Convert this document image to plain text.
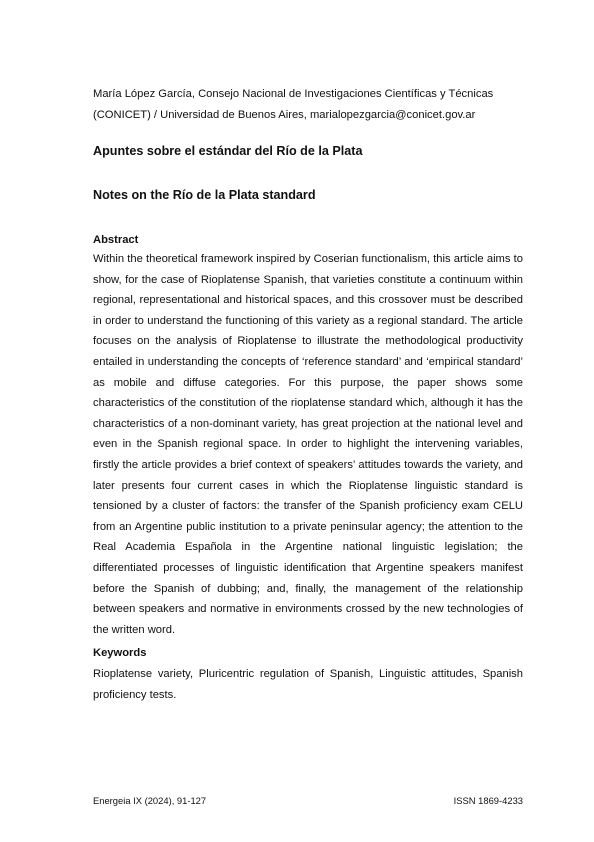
María López García, Consejo Nacional de Investigaciones Científicas y Técnicas (CONICET) / Universidad de Buenos Aires, marialopezgarcia@conicet.gov.ar
Apuntes sobre el estándar del Río de la Plata
Notes on the Río de la Plata standard
Abstract

Within the theoretical framework inspired by Coserian functionalism, this article aims to show, for the case of Rioplatense Spanish, that varieties constitute a continuum within regional, representational and historical spaces, and this crossover must be described in order to understand the functioning of this variety as a regional standard. The article focuses on the analysis of Rioplatense to illustrate the methodological productivity entailed in understanding the concepts of ‘reference standard’ and ‘empirical standard’ as mobile and diffuse categories. For this purpose, the paper shows some characteristics of the constitution of the rioplatense standard which, although it has the characteristics of a non-dominant variety, has great projection at the national level and even in the Spanish regional space. In order to highlight the intervening variables, firstly the article provides a brief context of speakers’ attitudes towards the variety, and later presents four current cases in which the Rioplatense linguistic standard is tensioned by a cluster of factors: the transfer of the Spanish proficiency exam CELU from an Argentine public institution to a private peninsular agency; the attention to the Real Academia Española in the Argentine national linguistic legislation; the differentiated processes of linguistic identification that Argentine speakers manifest before the Spanish of dubbing; and, finally, the management of the relationship between speakers and normative in environments crossed by the new technologies of the written word.

Keywords

Rioplatense variety, Pluricentric regulation of Spanish, Linguistic attitudes, Spanish proficiency tests.

Energeia IX (2024), 91-127	ISSN 1869-4233
